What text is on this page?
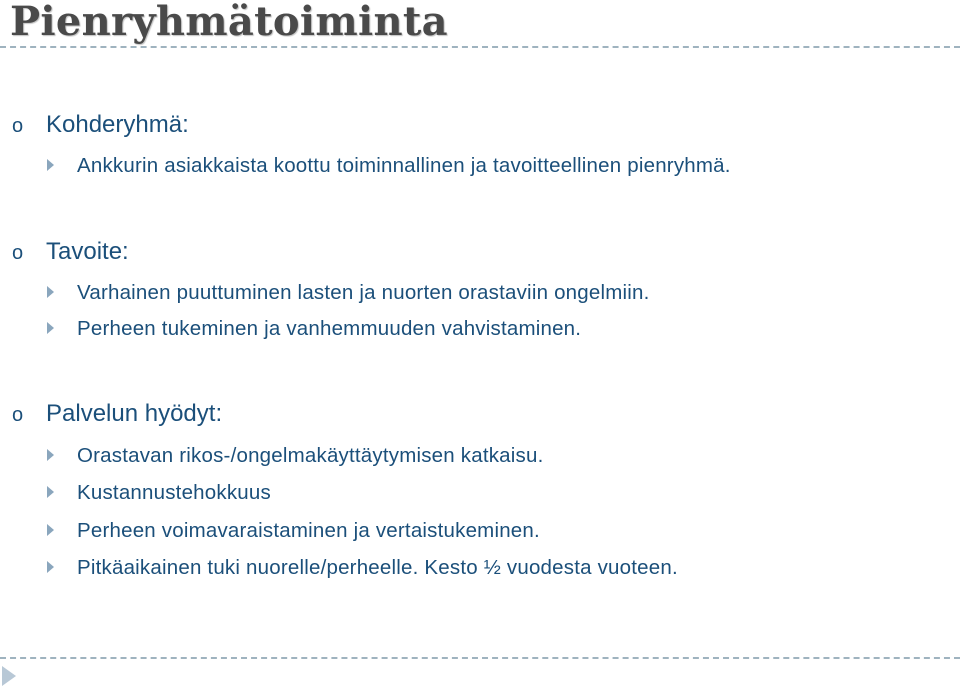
Pienryhmätoiminta
o Kohderyhmä:
Ankkurin asiakkaista koottu toiminnallinen ja tavoitteellinen pienryhmä.
o Tavoite:
Varhainen puuttuminen lasten ja nuorten orastaviin ongelmiin.
Perheen tukeminen ja vanhemmuuden vahvistaminen.
o Palvelun hyödyt:
Orastavan rikos-/ongelmakäyttäytymisen katkaisu.
Kustannustehokkuus
Perheen voimavaraistaminen ja vertaistukeminen.
Pitkäaikainen tuki nuorelle/perheelle. Kesto ½ vuodesta vuoteen.
